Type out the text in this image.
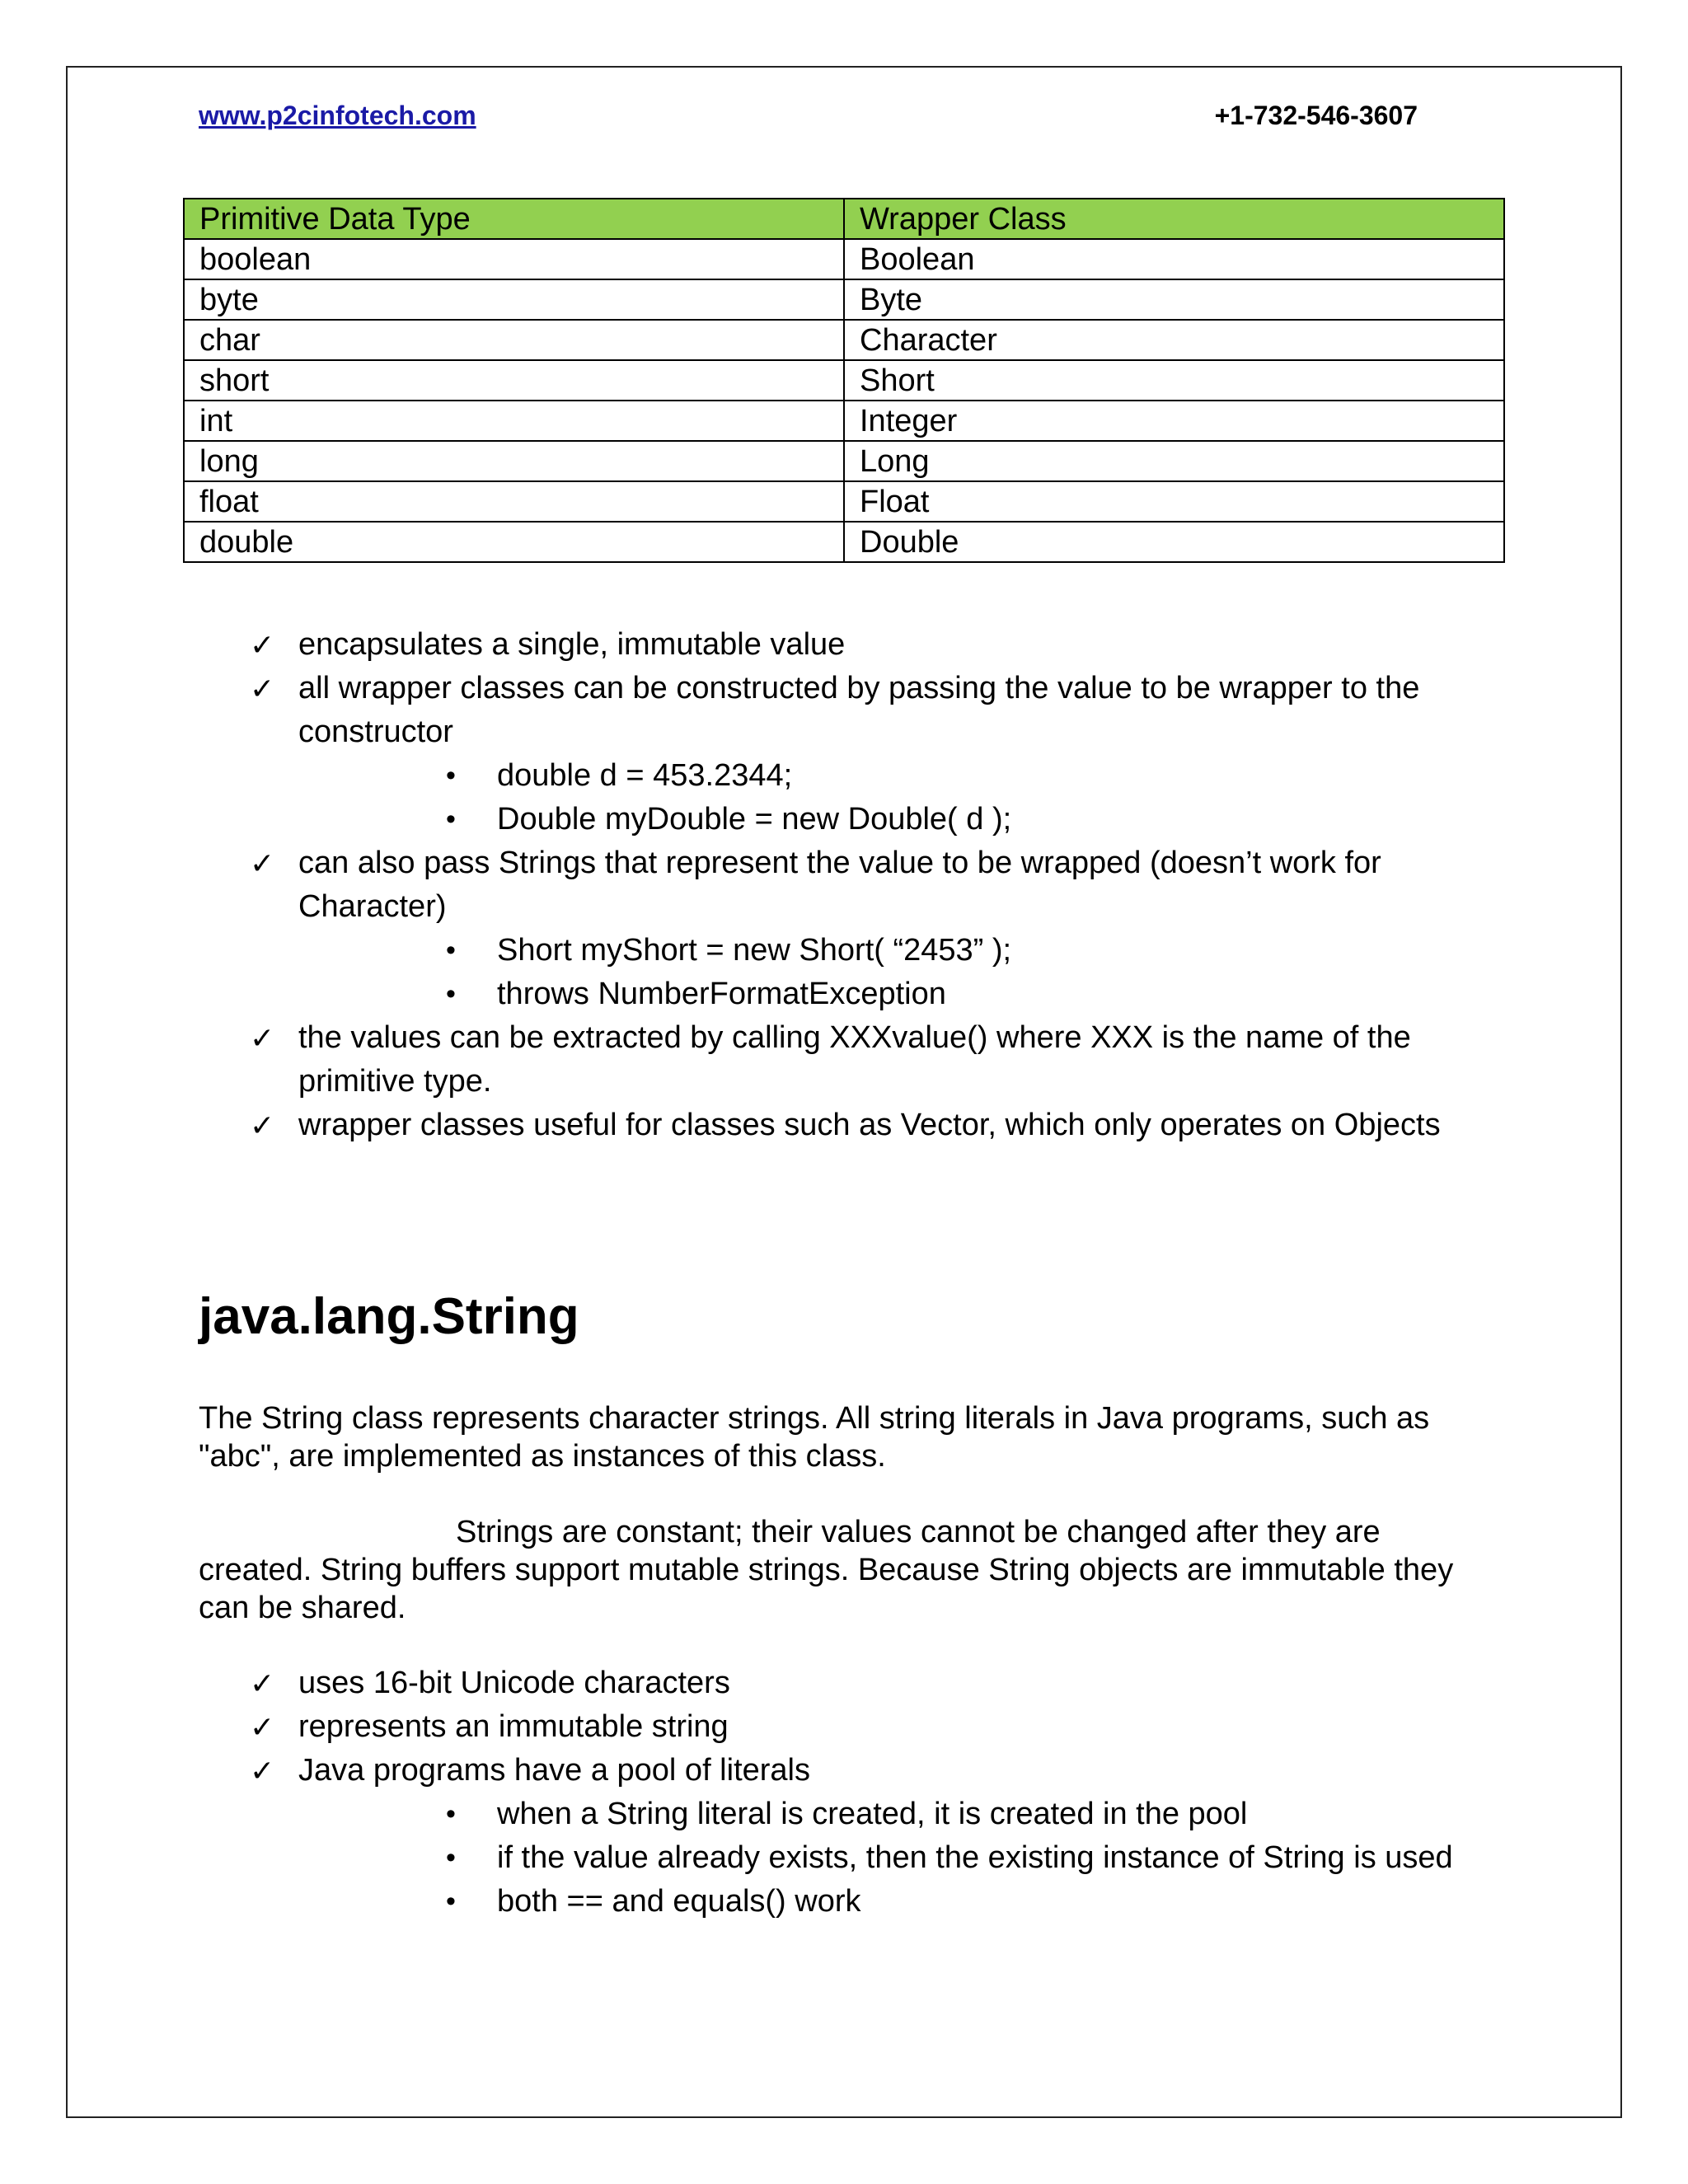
www.p2cinfotech.com	+1-732-546-3607
Primitive Data Type	Wrapper Class
boolean	Boolean
byte	Byte
char	Character
short	Short
int	Integer
long	Long
float	Float
double	Double
✓ encapsulates a single, immutable value
✓ all wrapper classes can be constructed by passing the value to be wrapper to the constructor
• double d = 453.2344;
• Double myDouble = new Double( d );
✓ can also pass Strings that represent the value to be wrapped (doesn’t work for Character)
• Short myShort = new Short( “2453” );
• throws NumberFormatException
✓ the values can be extracted by calling XXXvalue() where XXX is the name of the primitive type.
✓ wrapper classes useful for classes such as Vector, which only operates on Objects
java.lang.String

The String class represents character strings. All string literals in Java programs, such as "abc", are implemented as instances of this class.

Strings are constant; their values cannot be changed after they are created. String buffers support mutable strings. Because String objects are immutable they can be shared.

✓ uses 16-bit Unicode characters
✓ represents an immutable string
✓ Java programs have a pool of literals
• when a String literal is created, it is created in the pool
• if the value already exists, then the existing instance of String is used
• both == and equals() work
